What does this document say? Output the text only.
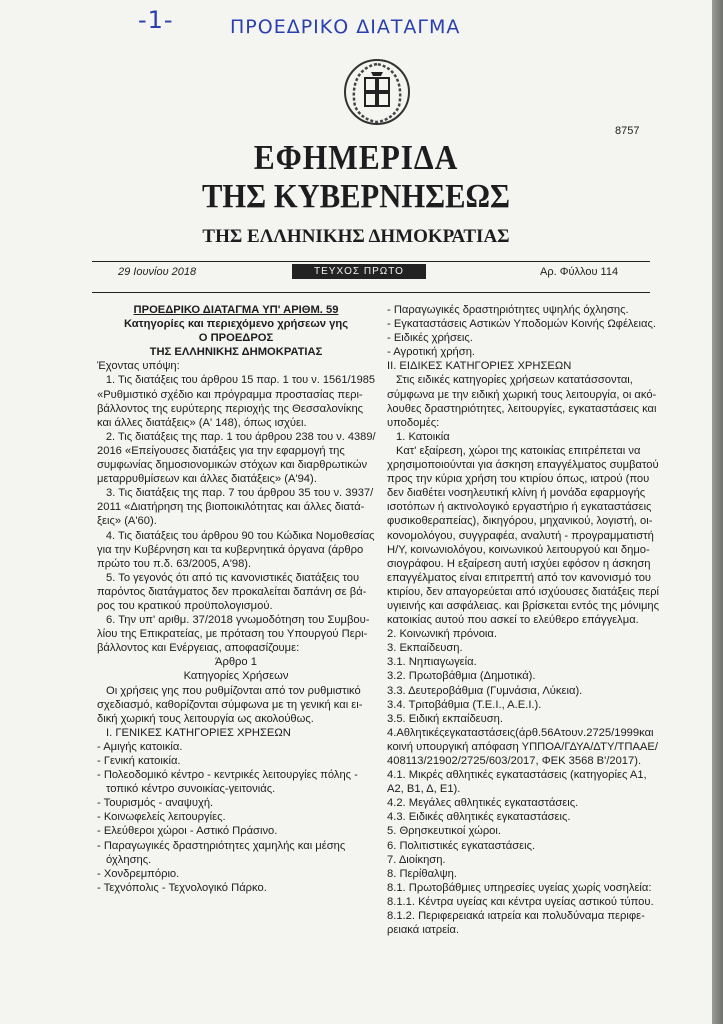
-1-	ΠΡΟΕΔΡΙΚΟ ΔΙΑΤΑΓΜΑ
8757
ΕΦΗΜΕΡΙΔΑ
ΤΗΣ ΚΥΒΕΡΝΗΣΕΩΣ
ΤΗΣ ΕΛΛΗΝΙΚΗΣ ΔΗΜΟΚΡΑΤΙΑΣ
29 Ιουνίου 2018	ΤΕΥΧΟΣ ΠΡΩΤΟ	Αρ. Φύλλου 114
ΠΡΟΕΔΡΙΚΟ ΔΙΑΤΑΓΜΑ ΥΠ' ΑΡΙΘΜ. 59
Κατηγορίες και περιεχόμενο χρήσεων γης
Ο ΠΡΟΕΔΡΟΣ
ΤΗΣ ΕΛΛΗΝΙΚΗΣ ΔΗΜΟΚΡΑΤΙΑΣ
Έχοντας υπόψη:
1. Τις διατάξεις του άρθρου 15 παρ. 1 του ν. 1561/1985
«Ρυθμιστικό σχέδιο και πρόγραμμα προστασίας περι-
βάλλοντος της ευρύτερης περιοχής της Θεσσαλονίκης
και άλλες διατάξεις» (Α' 148), όπως ισχύει.
2. Τις διατάξεις της παρ. 1 του άρθρου 238 του ν. 4389/
2016 «Επείγουσες διατάξεις για την εφαρμογή της
συμφωνίας δημοσιονομικών στόχων και διαρθρωτικών
μεταρρυθμίσεων και άλλες διατάξεις» (Α'94).
3. Τις διατάξεις της παρ. 7 του άρθρου 35 του ν. 3937/
2011 «Διατήρηση της βιοποικιλότητας και άλλες διατά-
ξεις» (Α'60).
4. Τις διατάξεις του άρθρου 90 του Κώδικα Νομοθεσίας
για την Κυβέρνηση και τα κυβερνητικά όργανα (άρθρο
πρώτο του π.δ. 63/2005, Α'98).
5. Το γεγονός ότι από τις κανονιστικές διατάξεις του
παρόντος διατάγματος δεν προκαλείται δαπάνη σε βά-
ρος του κρατικού προϋπολογισμού.
6. Την υπ' αριθμ. 37/2018 γνωμοδότηση του Συμβου-
λίου της Επικρατείας, με πρόταση του Υπουργού Περι-
βάλλοντος και Ενέργειας, αποφασίζουμε:
Άρθρο 1
Κατηγορίες Χρήσεων
Οι χρήσεις γης που ρυθμίζονται από τον ρυθμιστικό
σχεδιασμό, καθορίζονται σύμφωνα με τη γενική και ει-
δική χωρική τους λειτουργία ως ακολούθως.
Ι. ΓΕΝΙΚΕΣ ΚΑΤΗΓΟΡΙΕΣ ΧΡΗΣΕΩΝ
- Αμιγής κατοικία.
- Γενική κατοικία.
- Πολεοδομικό κέντρο - κεντρικές λειτουργίες πόλης -
τοπικό κέντρο συνοικίας-γειτονιάς.
- Τουρισμός - αναψυχή.
- Κοινωφελείς λειτουργίες.
- Ελεύθεροι χώροι - Αστικό Πράσινο.
- Παραγωγικές δραστηριότητες χαμηλής και μέσης
όχλησης.
- Χονδρεμπόριο.
- Τεχνόπολις - Τεχνολογικό Πάρκο.
- Παραγωγικές δραστηριότητες υψηλής όχλησης.
- Εγκαταστάσεις Αστικών Υποδομών Κοινής Ωφέλειας.
- Ειδικές χρήσεις.
- Αγροτική χρήση.
ΙΙ. ΕΙΔΙΚΕΣ ΚΑΤΗΓΟΡΙΕΣ ΧΡΗΣΕΩΝ
Στις ειδικές κατηγορίες χρήσεων κατατάσσονται,
σύμφωνα με την ειδική χωρική τους λειτουργία, οι ακό-
λουθες δραστηριότητες, λειτουργίες, εγκαταστάσεις και
υποδομές:
1. Κατοικία
Κατ' εξαίρεση, χώροι της κατοικίας επιτρέπεται να
χρησιμοποιούνται για άσκηση επαγγέλματος συμβατού
προς την κύρια χρήση του κτιρίου όπως, ιατρού (που
δεν διαθέτει νοσηλευτική κλίνη ή μονάδα εφαρμογής
ισοτόπων ή ακτινολογικό εργαστήριο ή εγκαταστάσεις
φυσικοθεραπείας), δικηγόρου, μηχανικού, λογιστή, οι-
κονομολόγου, συγγραφέα, αναλυτή - προγραμματιστή
Η/Υ, κοινωνιολόγου, κοινωνικού λειτουργού και δημο-
σιογράφου. Η εξαίρεση αυτή ισχύει εφόσον η άσκηση
επαγγέλματος είναι επιτρεπτή από τον κανονισμό του
κτιρίου, δεν απαγορεύεται από ισχύουσες διατάξεις περί
υγιεινής και ασφάλειας. και βρίσκεται εντός της μόνιμης
κατοικίας αυτού που ασκεί το ελεύθερο επάγγελμα.
2. Κοινωνική πρόνοια.
3. Εκπαίδευση.
3.1. Νηπιαγωγεία.
3.2. Πρωτοβάθμια (Δημοτικά).
3.3. Δευτεροβάθμια (Γυμνάσια, Λύκεια).
3.4. Τριτοβάθμια (Τ.Ε.Ι., Α.Ε.Ι.).
3.5. Ειδική εκπαίδευση.
4.Αθλητικέςεγκαταστάσεις(άρθ.56Ατουν.2725/1999και
κοινή υπουργική απόφαση ΥΠΠΟΑ/ΓΔΥΑ/ΔΤΥ/ΤΠΑΑΕ/
408113/21902/2725/603/2017, ΦΕΚ 3568 Β'/2017).
4.1. Μικρές αθλητικές εγκαταστάσεις (κατηγορίες Α1,
Α2, Β1, Δ, Ε1).
4.2. Μεγάλες αθλητικές εγκαταστάσεις.
4.3. Ειδικές αθλητικές εγκαταστάσεις.
5. Θρησκευτικοί χώροι.
6. Πολιτιστικές εγκαταστάσεις.
7. Διοίκηση.
8. Περίθαλψη.
8.1. Πρωτοβάθμιες υπηρεσίες υγείας χωρίς νοσηλεία:
8.1.1. Κέντρα υγείας και κέντρα υγείας αστικού τύπου.
8.1.2. Περιφερειακά ιατρεία και πολυδύναμα περιφε-
ρειακά ιατρεία.
